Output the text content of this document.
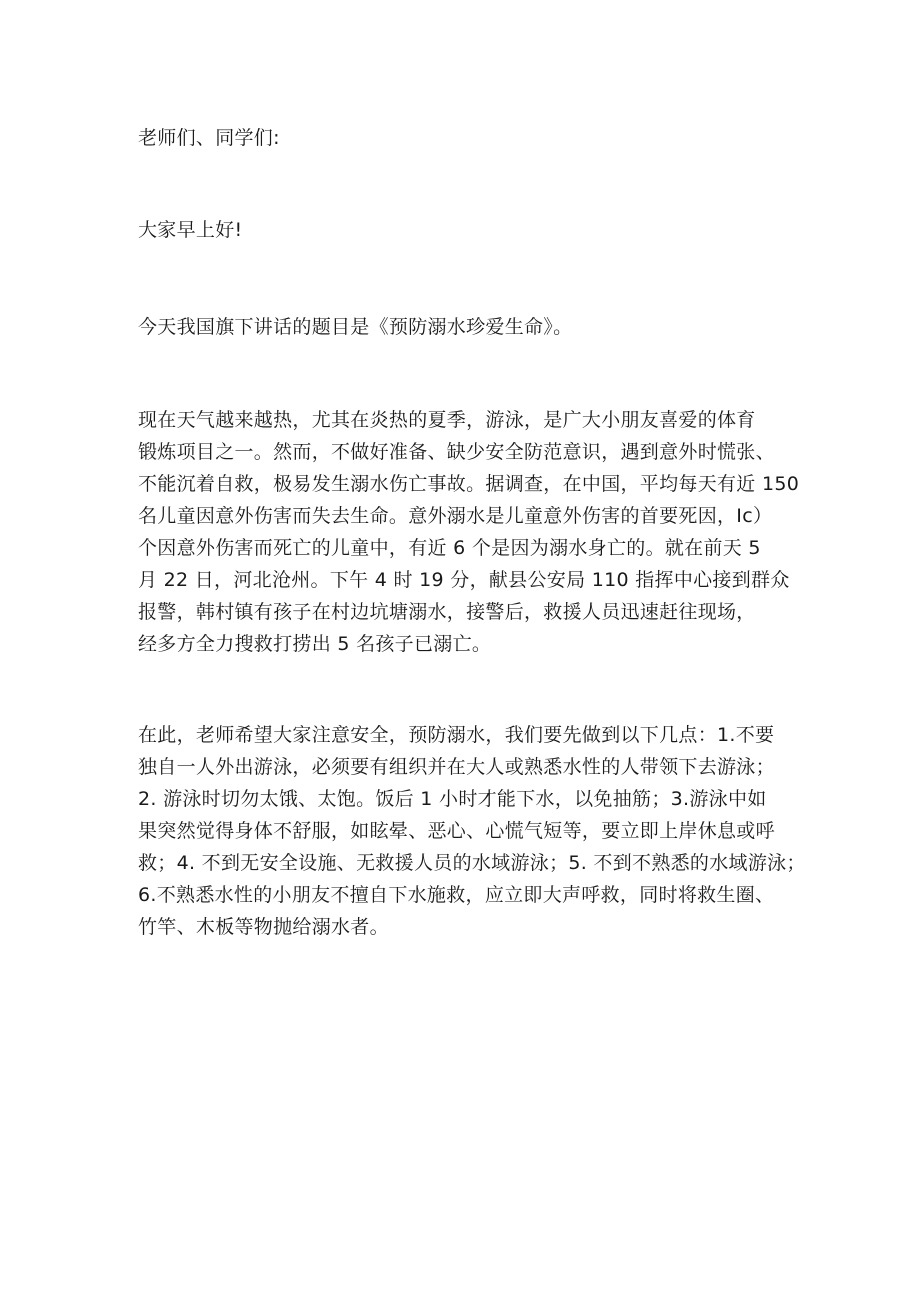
老师们、同学们:

大家早上好!

今天我国旗下讲话的题目是《预防溺水珍爱生命》。

现在天气越来越热，尤其在炎热的夏季，游泳，是广大小朋友喜爱的体育

锻炼项目之一。然而，不做好准备、缺少安全防范意识，遇到意外时慌张、

不能沉着自救，极易发生溺水伤亡事故。据调查，在中国，平均每天有近 150

名儿童因意外伤害而失去生命。意外溺水是儿童意外伤害的首要死因，Ic）

个因意外伤害而死亡的儿童中，有近 6 个是因为溺水身亡的。就在前天 5

月 22 日，河北沧州。下午 4 时 19 分，献县公安局 110 指挥中心接到群众

报警，韩村镇有孩子在村边坑塘溺水，接警后，救援人员迅速赶往现场，

经多方全力搜救打捞出 5 名孩子已溺亡。

在此，老师希望大家注意安全，预防溺水，我们要先做到以下几点：1.不要

独自一人外出游泳，必须要有组织并在大人或熟悉水性的人带领下去游泳；

2. 游泳时切勿太饿、太饱。饭后 1 小时才能下水，以免抽筋；3.游泳中如

果突然觉得身体不舒服，如眩晕、恶心、心慌气短等，要立即上岸休息或呼

救；4. 不到无安全设施、无救援人员的水域游泳；5. 不到不熟悉的水域游泳；

6.不熟悉水性的小朋友不擅自下水施救，应立即大声呼救，同时将救生圈、

竹竿、木板等物抛给溺水者。
